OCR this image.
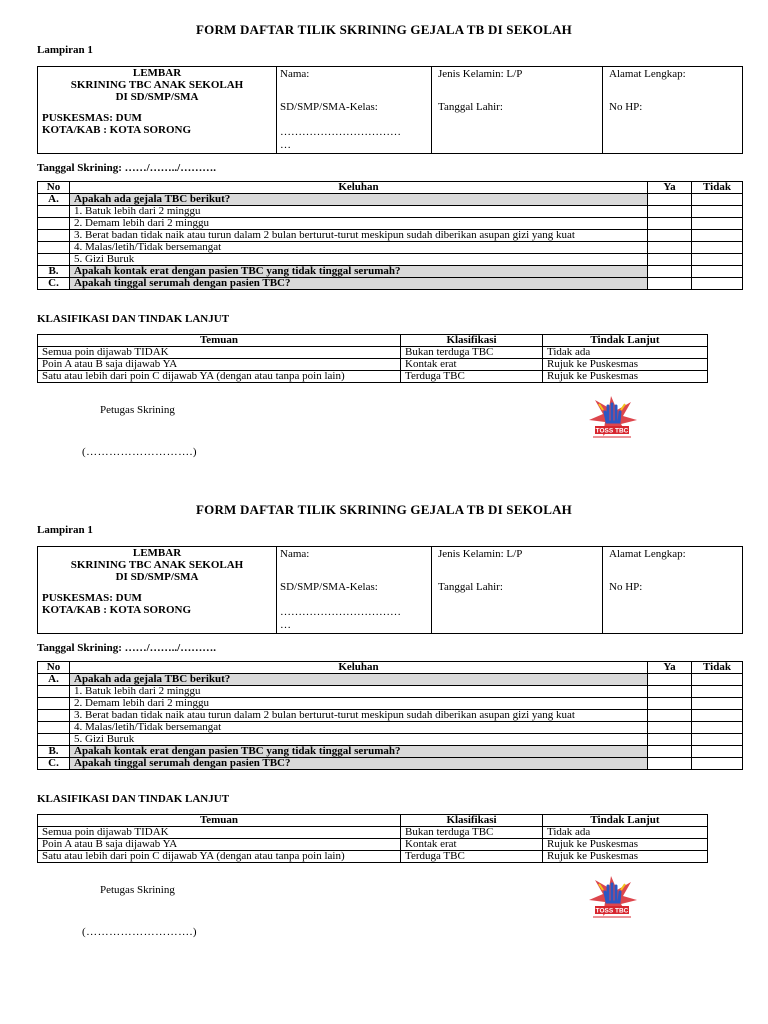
FORM DAFTAR TILIK SKRINING GEJALA TB DI SEKOLAH
Lampiran 1
LEMBAR
SKRINING TBC ANAK SEKOLAH
DI SD/SMP/SMA
PUSKESMAS: DUM
KOTA/KAB : KOTA SORONG

Nama:
SD/SMP/SMA-Kelas:
……………………………
…

Jenis Kelamin: L/P
Tanggal Lahir:

Alamat Lengkap:
No HP:
Tanggal Skrining: ……/……../……….
No	Keluhan	Ya	Tidak
A.	Apakah ada gejala TBC berikut?		
	1. Batuk lebih dari 2 minggu		
	2. Demam lebih dari 2 minggu		
	3. Berat badan tidak naik atau turun dalam 2 bulan berturut-turut meskipun sudah diberikan asupan gizi yang kuat		
	4. Malas/letih/Tidak bersemangat		
	5. Gizi Buruk		
B.	Apakah kontak erat dengan pasien TBC yang tidak tinggal serumah?		
C.	Apakah tinggal serumah dengan pasien TBC?		
KLASIFIKASI DAN TINDAK LANJUT
Temuan	Klasifikasi	Tindak Lanjut
Semua poin dijawab TIDAK	Bukan terduga TBC	Tidak ada
Poin A atau B saja dijawab YA	Kontak erat	Rujuk ke Puskesmas
Satu atau lebih dari poin C dijawab YA (dengan atau tanpa poin lain)	Terduga TBC	Rujuk ke Puskesmas
Petugas Skrining
(……………………….)
TOSS TBC
FORM DAFTAR TILIK SKRINING GEJALA TB DI SEKOLAH
Lampiran 1
LEMBAR
SKRINING TBC ANAK SEKOLAH
DI SD/SMP/SMA
PUSKESMAS: DUM
KOTA/KAB : KOTA SORONG

Nama:
SD/SMP/SMA-Kelas:
……………………………
…

Jenis Kelamin: L/P
Tanggal Lahir:

Alamat Lengkap:
No HP:
Tanggal Skrining: ……/……../……….
No	Keluhan	Ya	Tidak
A.	Apakah ada gejala TBC berikut?		
	1. Batuk lebih dari 2 minggu		
	2. Demam lebih dari 2 minggu		
	3. Berat badan tidak naik atau turun dalam 2 bulan berturut-turut meskipun sudah diberikan asupan gizi yang kuat		
	4. Malas/letih/Tidak bersemangat		
	5. Gizi Buruk		
B.	Apakah kontak erat dengan pasien TBC yang tidak tinggal serumah?		
C.	Apakah tinggal serumah dengan pasien TBC?		
KLASIFIKASI DAN TINDAK LANJUT
Temuan	Klasifikasi	Tindak Lanjut
Semua poin dijawab TIDAK	Bukan terduga TBC	Tidak ada
Poin A atau B saja dijawab YA	Kontak erat	Rujuk ke Puskesmas
Satu atau lebih dari poin C dijawab YA (dengan atau tanpa poin lain)	Terduga TBC	Rujuk ke Puskesmas
Petugas Skrining
(……………………….)
TOSS TBC
